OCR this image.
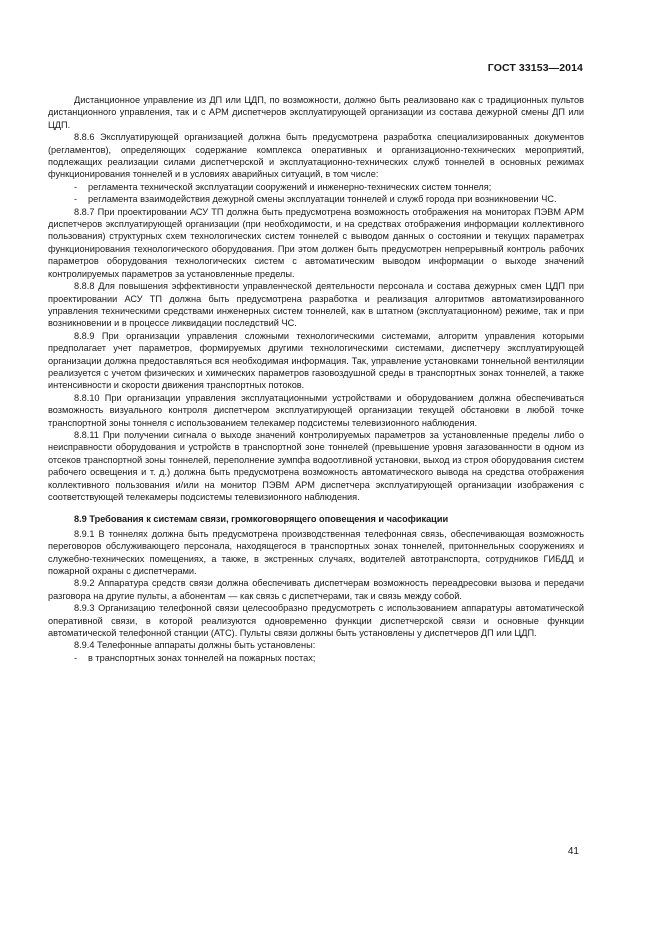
ГОСТ 33153—2014

Дистанционное управление из ДП или ЦДП, по возможности, должно быть реализовано как с традиционных пультов дистанционного управления, так и с АРМ диспетчеров эксплуатирующей организации из состава дежурной смены ДП или ЦДП.

8.8.6 Эксплуатирующей организацией должна быть предусмотрена разработка специализированных документов (регламентов), определяющих содержание комплекса оперативных и организационно-технических мероприятий, подлежащих реализации силами диспетчерской и эксплуатационно-технических служб тоннелей в основных режимах функционирования тоннелей и в условиях аварийных ситуаций, в том числе:

- регламента технической эксплуатации сооружений и инженерно-технических систем тоннеля;

- регламента взаимодействия дежурной смены эксплуатации тоннелей и служб города при возникновении ЧС.

8.8.7 При проектировании АСУ ТП должна быть предусмотрена возможность отображения на мониторах ПЭВМ АРМ диспетчеров эксплуатирующей организации (при необходимости, и на средствах отображения информации коллективного пользования) структурных схем технологических систем тоннелей с выводом данных о состоянии и текущих параметрах функционирования технологического оборудования. При этом должен быть предусмотрен непрерывный контроль рабочих параметров оборудования технологических систем с автоматическим выводом информации о выходе значений контролируемых параметров за установленные пределы.

8.8.8 Для повышения эффективности управленческой деятельности персонала и состава дежурных смен ЦДП при проектировании АСУ ТП должна быть предусмотрена разработка и реализация алгоритмов автоматизированного управления техническими средствами инженерных систем тоннелей, как в штатном (эксплуатационном) режиме, так и при возникновении и в процессе ликвидации последствий ЧС.

8.8.9 При организации управления сложными технологическими системами, алгоритм управления которыми предполагает учет параметров, формируемых другими технологическими системами, диспетчеру эксплуатирующей организации должна предоставляться вся необходимая информация. Так, управление установками тоннельной вентиляции реализуется с учетом физических и химических параметров газовоздушной среды в транспортных зонах тоннелей, а также интенсивности и скорости движения транспортных потоков.

8.8.10 При организации управления эксплуатационными устройствами и оборудованием должна обеспечиваться возможность визуального контроля диспетчером эксплуатирующей организации текущей обстановки в любой точке транспортной зоны тоннеля с использованием телекамер подсистемы телевизионного наблюдения.

8.8.11 При получении сигнала о выходе значений контролируемых параметров за установленные пределы либо о неисправности оборудования и устройств в транспортной зоне тоннелей (превышение уровня загазованности в одном из отсеков транспортной зоны тоннелей, переполнение зумпфа водоотливной установки, выход из строя оборудования систем рабочего освещения и т. д.) должна быть предусмотрена возможность автоматического вывода на средства отображения коллективного пользования и/или на монитор ПЭВМ АРМ диспетчера эксплуатирующей организации изображения с соответствующей телекамеры подсистемы телевизионного наблюдения.

8.9 Требования к системам связи, громкоговорящего оповещения и часофикации

8.9.1 В тоннелях должна быть предусмотрена производственная телефонная связь, обеспечивающая возможность переговоров обслуживающего персонала, находящегося в транспортных зонах тоннелей, притоннельных сооружениях и служебно-технических помещениях, а также, в экстренных случаях, водителей автотранспорта, сотрудников ГИБДД и пожарной охраны с диспетчерами.

8.9.2 Аппаратура средств связи должна обеспечивать диспетчерам возможность переадресовки вызова и передачи разговора на другие пульты, а абонентам — как связь с диспетчерами, так и связь между собой.

8.9.3 Организацию телефонной связи целесообразно предусмотреть с использованием аппаратуры автоматической оперативной связи, в которой реализуются одновременно функции диспетчерской связи и основные функции автоматической телефонной станции (АТС). Пульты связи должны быть установлены у диспетчеров ДП или ЦДП.

8.9.4 Телефонные аппараты должны быть установлены:

- в транспортных зонах тоннелей на пожарных постах;

41
